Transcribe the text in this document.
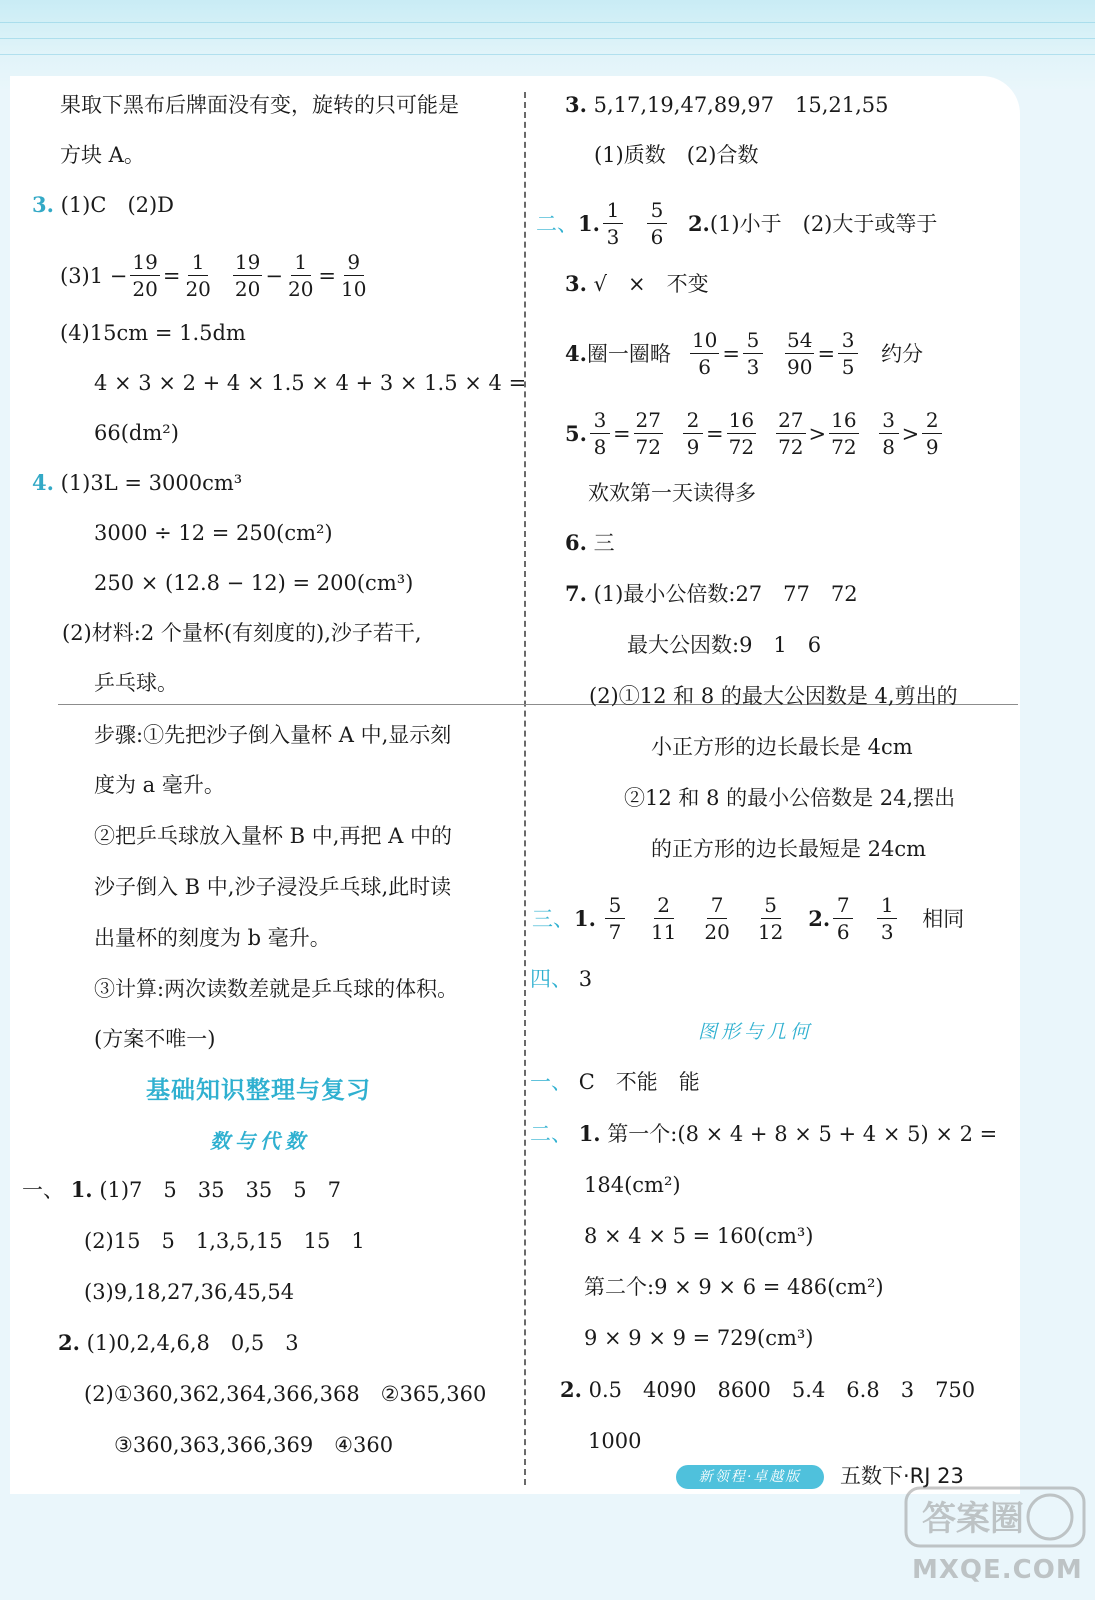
果取下黑布后牌面没有变，旋转的只可能是
方块 A。
3. (1)C　(2)D
$(3)1 - \frac{19}{20} = \frac{1}{20} \frac{19}{20} - \frac{1}{20} = \frac{9}{10}$
(4)15cm = 1.5dm
4 × 3 × 2 + 4 × 1.5 × 4 + 3 × 1.5 × 4 =
66(dm²)
4. (1)3L = 3000cm³
3000 ÷ 12 = 250(cm²)
250 × (12.8 − 12) = 200(cm³)
(2)材料:2 个量杯(有刻度的),沙子若干,
乒乓球。
步骤:①先把沙子倒入量杯 A 中,显示刻
度为 a 毫升。
②把乒乓球放入量杯 B 中,再把 A 中的
沙子倒入 B 中,沙子浸没乒乓球,此时读
出量杯的刻度为 b 毫升。
③计算:两次读数差就是乒乓球的体积。
(方案不唯一)
基础知识整理与复习
数与代数
一、 1. (1)7　5　35　35　5　7
(2)15　5　1,3,5,15　15　1
(3)9,18,27,36,45,54
2. (1)0,2,4,6,8　0,5　3
(2)①360,362,364,366,368　②365,360
③360,363,366,369　④360
3. 5,17,19,47,89,97　15,21,55
(1)质数　(2)合数
二、 1. $\frac{1}{3} \frac{5}{6} 2$. (1)小于　(2)大于或等于
3. √　×　不变
4. 圈一圈略 $\frac{10}{6} = \frac{5}{3} \frac{54}{90} = \frac{3}{5}$ 约分
5. $\frac{3}{8} = \frac{27}{72} \frac{2}{9} = \frac{16}{72} \frac{27}{72} > \frac{16}{72} \frac{3}{8} > \frac{2}{9}$
欢欢第一天读得多
6. 三
7. (1)最小公倍数:27　77　72
最大公因数:9　1　6
(2)①12 和 8 的最大公因数是 4,剪出的
小正方形的边长最长是 4cm
②12 和 8 的最小公倍数是 24,摆出
的正方形的边长最短是 24cm
三、 1. $\frac{5}{7} \frac{2}{11} \frac{7}{20} \frac{5}{12} 2$. $\frac{7}{6} \frac{1}{3}$ 相同
四、 3
图形与几何
一、 C　不能　能
二、 1. 第一个:(8 × 4 + 8 × 5 + 4 × 5) × 2 =
184(cm²)
8 × 4 × 5 = 160(cm³)
第二个:9 × 9 × 6 = 486(cm²)
9 × 9 × 9 = 729(cm³)
2. 0.5　4090　8600　5.4　6.8　3　750
1000
新领程·卓越版	五数下·RJ 23
答案圈
MXQE.COM
